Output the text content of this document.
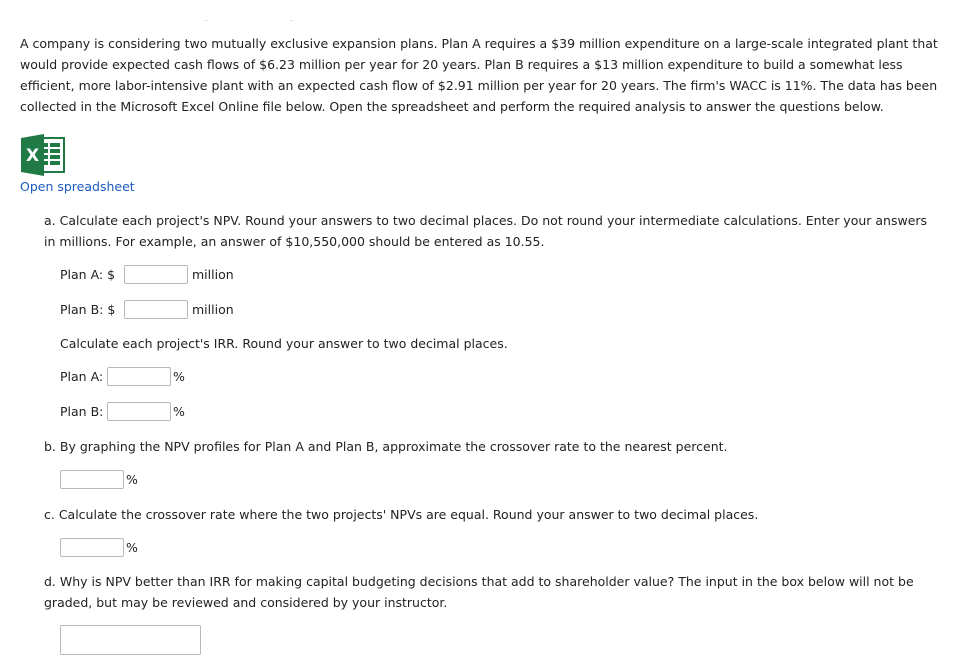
. .

A company is considering two mutually exclusive expansion plans. Plan A requires a $39 million expenditure on a large-scale integrated plant that would provide expected cash flows of $6.23 million per year for 20 years. Plan B requires a $13 million expenditure to build a somewhat less efficient, more labor-intensive plant with an expected cash flow of $2.91 million per year for 20 years. The firm's WACC is 11%. The data has been collected in the Microsoft Excel Online file below. Open the spreadsheet and perform the required analysis to answer the questions below.

X
Open spreadsheet

a. Calculate each project's NPV. Round your answers to two decimal places. Do not round your intermediate calculations. Enter your answers in millions. For example, an answer of $10,550,000 should be entered as 10.55.

Plan A: $	million
Plan B: $	million

Calculate each project's IRR. Round your answer to two decimal places.

Plan A:	%
Plan B:	%

b. By graphing the NPV profiles for Plan A and Plan B, approximate the crossover rate to the nearest percent.

%

c. Calculate the crossover rate where the two projects' NPVs are equal. Round your answer to two decimal places.

%

d. Why is NPV better than IRR for making capital budgeting decisions that add to shareholder value? The input in the box below will not be graded, but may be reviewed and considered by your instructor.
